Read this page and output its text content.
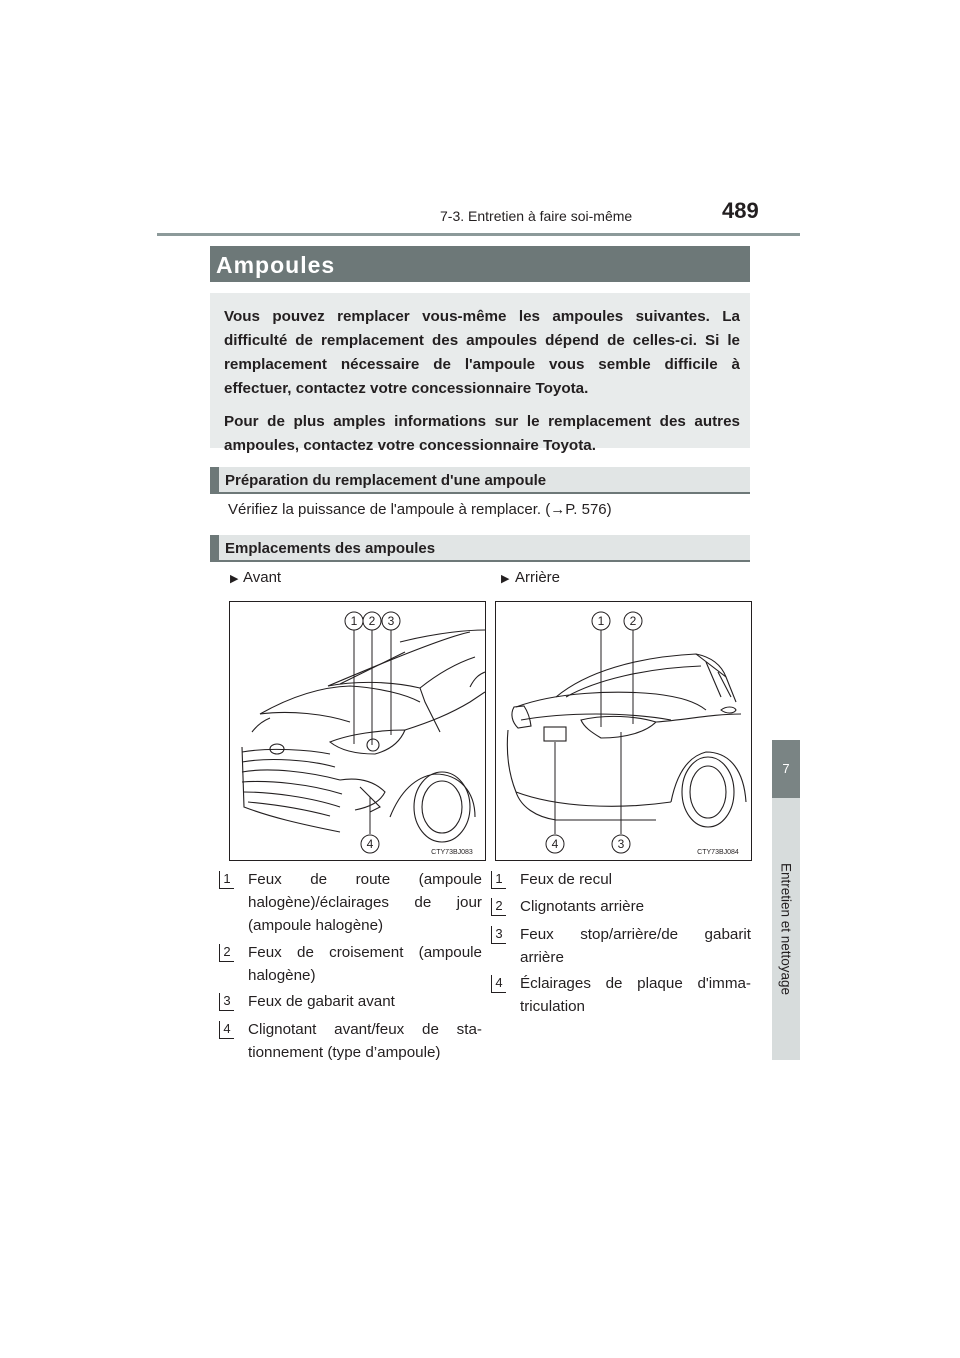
7-3. Entretien à faire soi-même	489
7
Entretien et nettoyage
Ampoules

Vous pouvez remplacer vous-même les ampoules suivantes. La difficulté de remplacement des ampoules dépend de celles-ci. Si le remplacement nécessaire de l'ampoule vous semble difficile à effectuer, contactez votre concessionnaire Toyota.

Pour de plus amples informations sur le remplacement des autres ampoules, contactez votre concessionnaire Toyota.

Préparation du remplacement d'une ampoule
Vérifiez la puissance de l'ampoule à remplacer. (→P. 576)
Emplacements des ampoules
▶ Avant	▶ Arrière
1 2 3
4
CTY73BJ083
1 2
4	3
CTY73BJ084
1 Feux de route (ampoule halogène)/éclairages de jour (ampoule halogène)
2 Feux de croisement (ampoule halogène)
3 Feux de gabarit avant
4 Clignotant avant/feux de sta-tionnement (type d’ampoule)
1 Feux de recul
2 Clignotants arrière
3 Feux stop/arrière/de gabarit arrière
4 Éclairages de plaque d'imma-triculation
